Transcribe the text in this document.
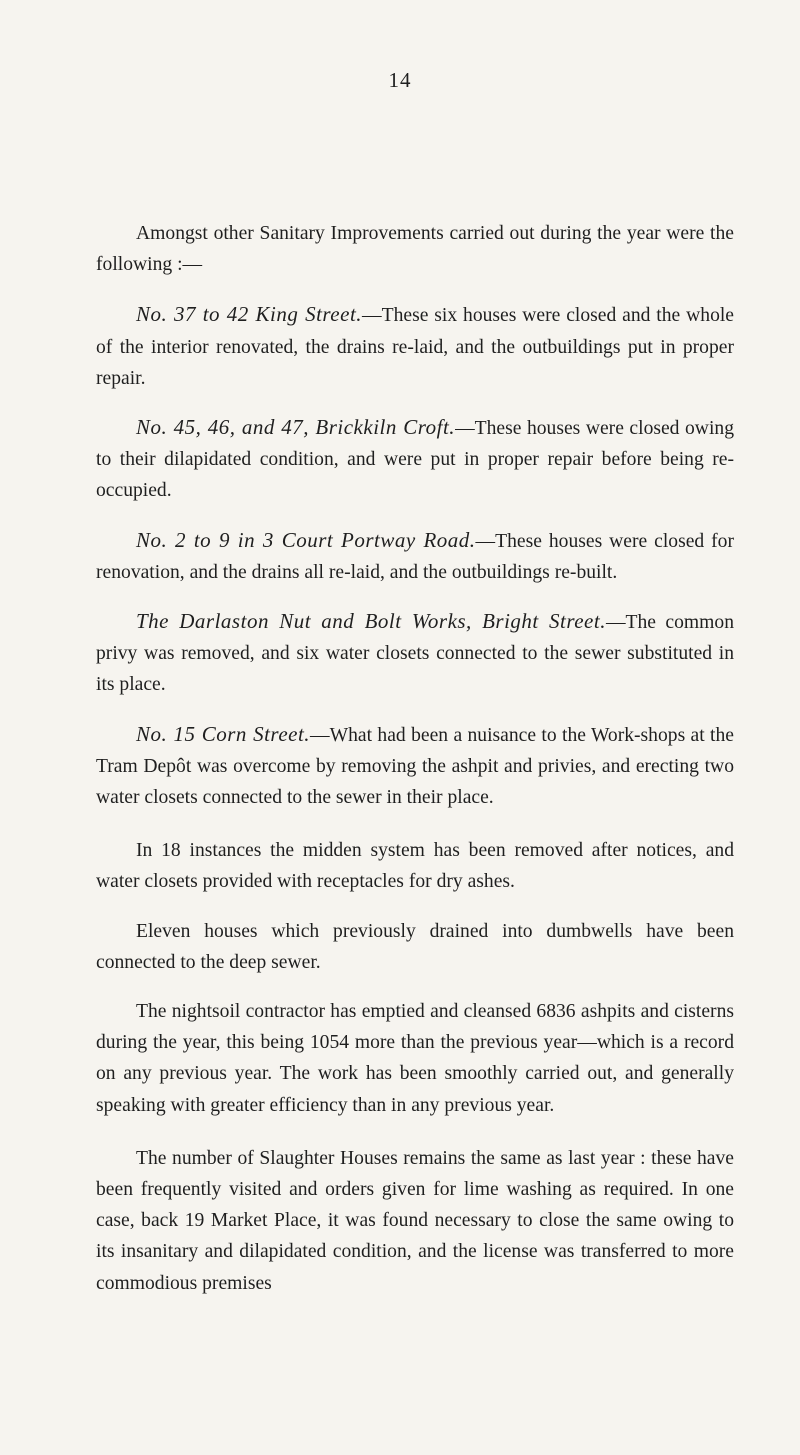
14

Amongst other Sanitary Improvements carried out during the year were the following :—

No. 37 to 42 King Street.—These six houses were closed and the whole of the interior renovated, the drains re-laid, and the outbuildings put in proper repair.

No. 45, 46, and 47, Brickkiln Croft.—These houses were closed owing to their dilapidated condition, and were put in proper repair before being re-occupied.

No. 2 to 9 in 3 Court Portway Road.—These houses were closed for renovation, and the drains all re-laid, and the outbuildings re-built.

The Darlaston Nut and Bolt Works, Bright Street.—The common privy was removed, and six water closets connected to the sewer substituted in its place.

No. 15 Corn Street.—What had been a nuisance to the Work-shops at the Tram Depôt was overcome by removing the ashpit and privies, and erecting two water closets connected to the sewer in their place.

In 18 instances the midden system has been removed after notices, and water closets provided with receptacles for dry ashes.

Eleven houses which previously drained into dumbwells have been connected to the deep sewer.

The nightsoil contractor has emptied and cleansed 6836 ashpits and cisterns during the year, this being 1054 more than the previous year—which is a record on any previous year. The work has been smoothly carried out, and generally speaking with greater efficiency than in any previous year.

The number of Slaughter Houses remains the same as last year : these have been frequently visited and orders given for lime washing as required. In one case, back 19 Market Place, it was found necessary to close the same owing to its insanitary and dilapidated condition, and the license was transferred to more commodious premises
